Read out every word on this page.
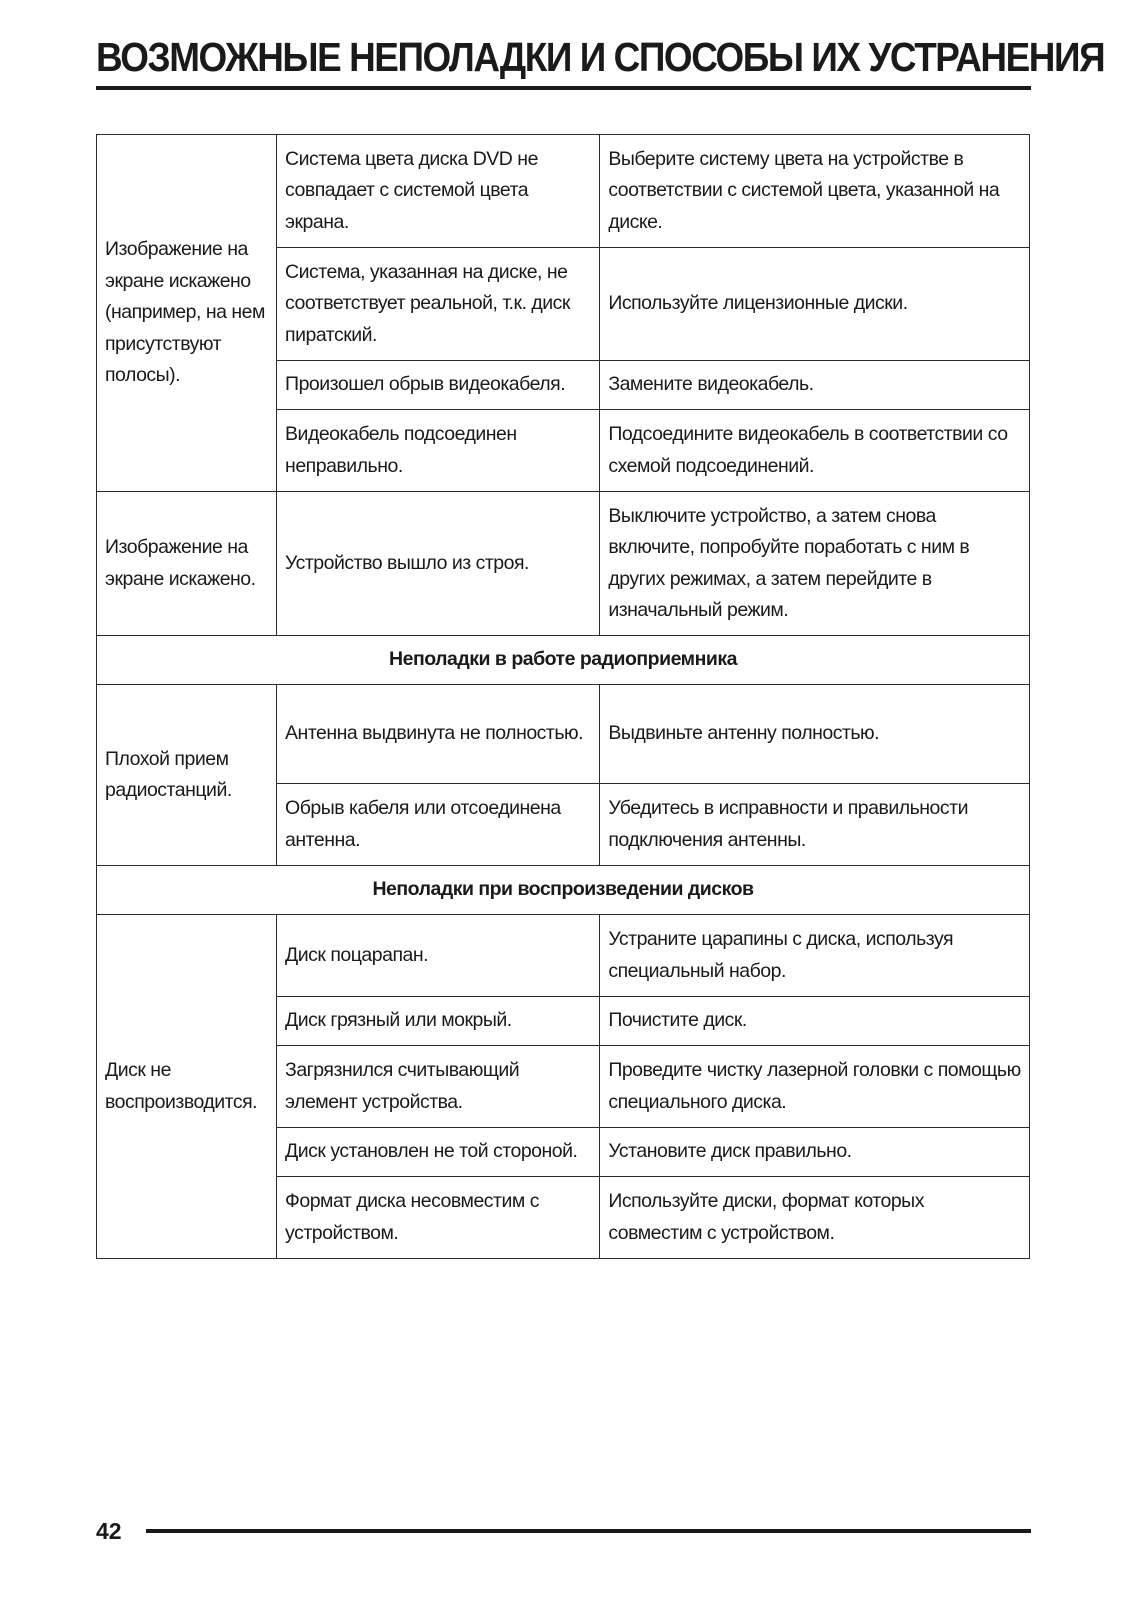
ВОЗМОЖНЫЕ НЕПОЛАДКИ И СПОСОБЫ ИХ УСТРАНЕНИЯ
Изображение на экране искажено (например, на нем присутствуют полосы).	Система цвета диска DVD не совпадает с системой цвета экрана.	Выберите систему цвета на устройстве в соответствии с системой цвета, указанной на диске.
	Система, указанная на диске, не соответствует реальной, т.к. диск пиратский.	Используйте лицензионные диски.
	Произошел обрыв видеокабеля.	Замените видеокабель.
	Видеокабель подсоединен неправильно.	Подсоедините видеокабель в соответствии со схемой подсоединений.
Изображение на экране искажено.	Устройство вышло из строя.	Выключите устройство, а затем снова включите, попробуйте поработать с ним в других режимах, а затем перейдите в изначальный режим.
Неполадки в работе радиоприемника		
Плохой прием радиостанций.	Антенна выдвинута не полностью.	Выдвиньте антенну полностью.
	Обрыв кабеля или отсоединена антенна.	Убедитесь в исправности и правильности подключения антенны.
Неполадки при воспроизведении дисков		
Диск не воспроизводится.	Диск поцарапан.	Устраните царапины с диска, используя специальный набор.
	Диск грязный или мокрый.	Почистите диск.
	Загрязнился считывающий элемент устройства.	Проведите чистку лазерной головки с помощью специального диска.
	Диск установлен не той стороной.	Установите диск правильно.
	Формат диска несовместим с устройством.	Используйте диски, формат которых совместим с устройством.
42
